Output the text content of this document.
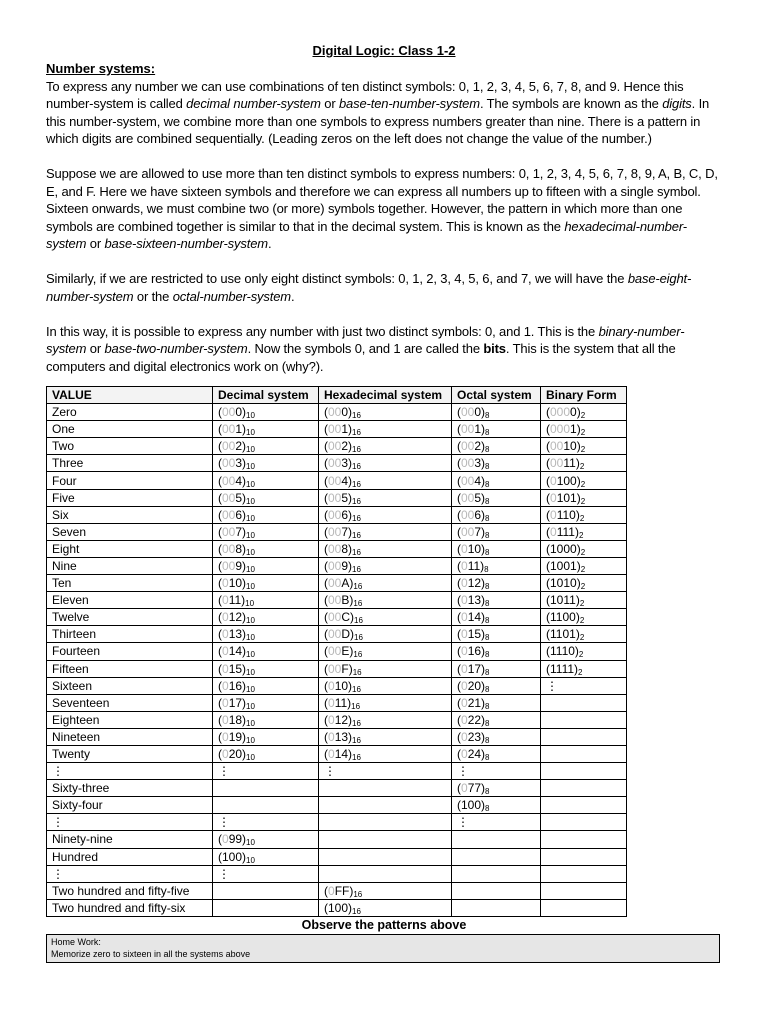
Digital Logic: Class 1-2
Number systems:

To express any number we can use combinations of ten distinct symbols: 0, 1, 2, 3, 4, 5, 6, 7, 8, and 9. Hence this number-system is called decimal number-system or base-ten-number-system. The symbols are known as the digits. In this number-system, we combine more than one symbols to express numbers greater than nine. There is a pattern in which digits are combined sequentially. (Leading zeros on the left does not change the value of the number.)

Suppose we are allowed to use more than ten distinct symbols to express numbers: 0, 1, 2, 3, 4, 5, 6, 7, 8, 9, A, B, C, D, E, and F. Here we have sixteen symbols and therefore we can express all numbers up to fifteen with a single symbol. Sixteen onwards, we must combine two (or more) symbols together. However, the pattern in which more than one symbols are combined together is similar to that in the decimal system. This is known as the hexadecimal-number-system or base-sixteen-number-system.

Similarly, if we are restricted to use only eight distinct symbols: 0, 1, 2, 3, 4, 5, 6, and 7, we will have the base-eight-number-system or the octal-number-system.

In this way, it is possible to express any number with just two distinct symbols: 0, and 1. This is the binary-number-system or base-two-number-system. Now the symbols 0, and 1 are called the bits. This is the system that all the computers and digital electronics work on (why?).

VALUE	Decimal system	Hexadecimal system	Octal system	Binary Form
Zero	$(000)_{10}$	$(000)_{16}$	$(000)_8$	$(0000)_2$
One	$(001)_{10}$	$(001)_{16}$	$(001)_8$	$(0001)_2$
Two	$(002)_{10}$	$(002)_{16}$	$(002)_8$	$(0010)_2$
Three	$(003)_{10}$	$(003)_{16}$	$(003)_8$	$(0011)_2$
Four	$(004)_{10}$	$(004)_{16}$	$(004)_8$	$(0100)_2$
Five	$(005)_{10}$	$(005)_{16}$	$(005)_8$	$(0101)_2$
Six	$(006)_{10}$	$(006)_{16}$	$(006)_8$	$(0110)_2$
Seven	$(007)_{10}$	$(007)_{16}$	$(007)_8$	$(0111)_2$
Eight	$(008)_{10}$	$(008)_{16}$	$(010)_8$	$(1000)_2$
Nine	$(009)_{10}$	$(009)_{16}$	$(011)_8$	$(1001)_2$
Ten	$(010)_{10}$	$(00A)_{16}$	$(012)_8$	$(1010)_2$
Eleven	$(011)_{10}$	$(00B)_{16}$	$(013)_8$	$(1011)_2$
Twelve	$(012)_{10}$	$(00C)_{16}$	$(014)_8$	$(1100)_2$
Thirteen	$(013)_{10}$	$(00D)_{16}$	$(015)_8$	$(1101)_2$
Fourteen	$(014)_{10}$	$(00E)_{16}$	$(016)_8$	$(1110)_2$
Fifteen	$(015)_{10}$	$(00F)_{16}$	$(017)_8$	$(1111)_2$
Sixteen	$(016)_{10}$	$(010)_{16}$	$(020)_8$	⋮
Seventeen	$(017)_{10}$	$(011)_{16}$	$(021)_8$	
Eighteen	$(018)_{10}$	$(012)_{16}$	$(022)_8$	
Nineteen	$(019)_{10}$	$(013)_{16}$	$(023)_8$	
Twenty	$(020)_{10}$	$(014)_{16}$	$(024)_8$	
⋮	⋮	⋮	⋮	
Sixty-three			$(077)_8$	
Sixty-four			$(100)_8$	
⋮	⋮		⋮	
Ninety-nine	$(099)_{10}$			
Hundred	$(100)_{10}$			
⋮	⋮			
Two hundred and fifty-five		$(0FF)_{16}$		
Two hundred and fifty-six		$(100)_{16}$		
Observe the patterns above
Home Work:
Memorize zero to sixteen in all the systems above
